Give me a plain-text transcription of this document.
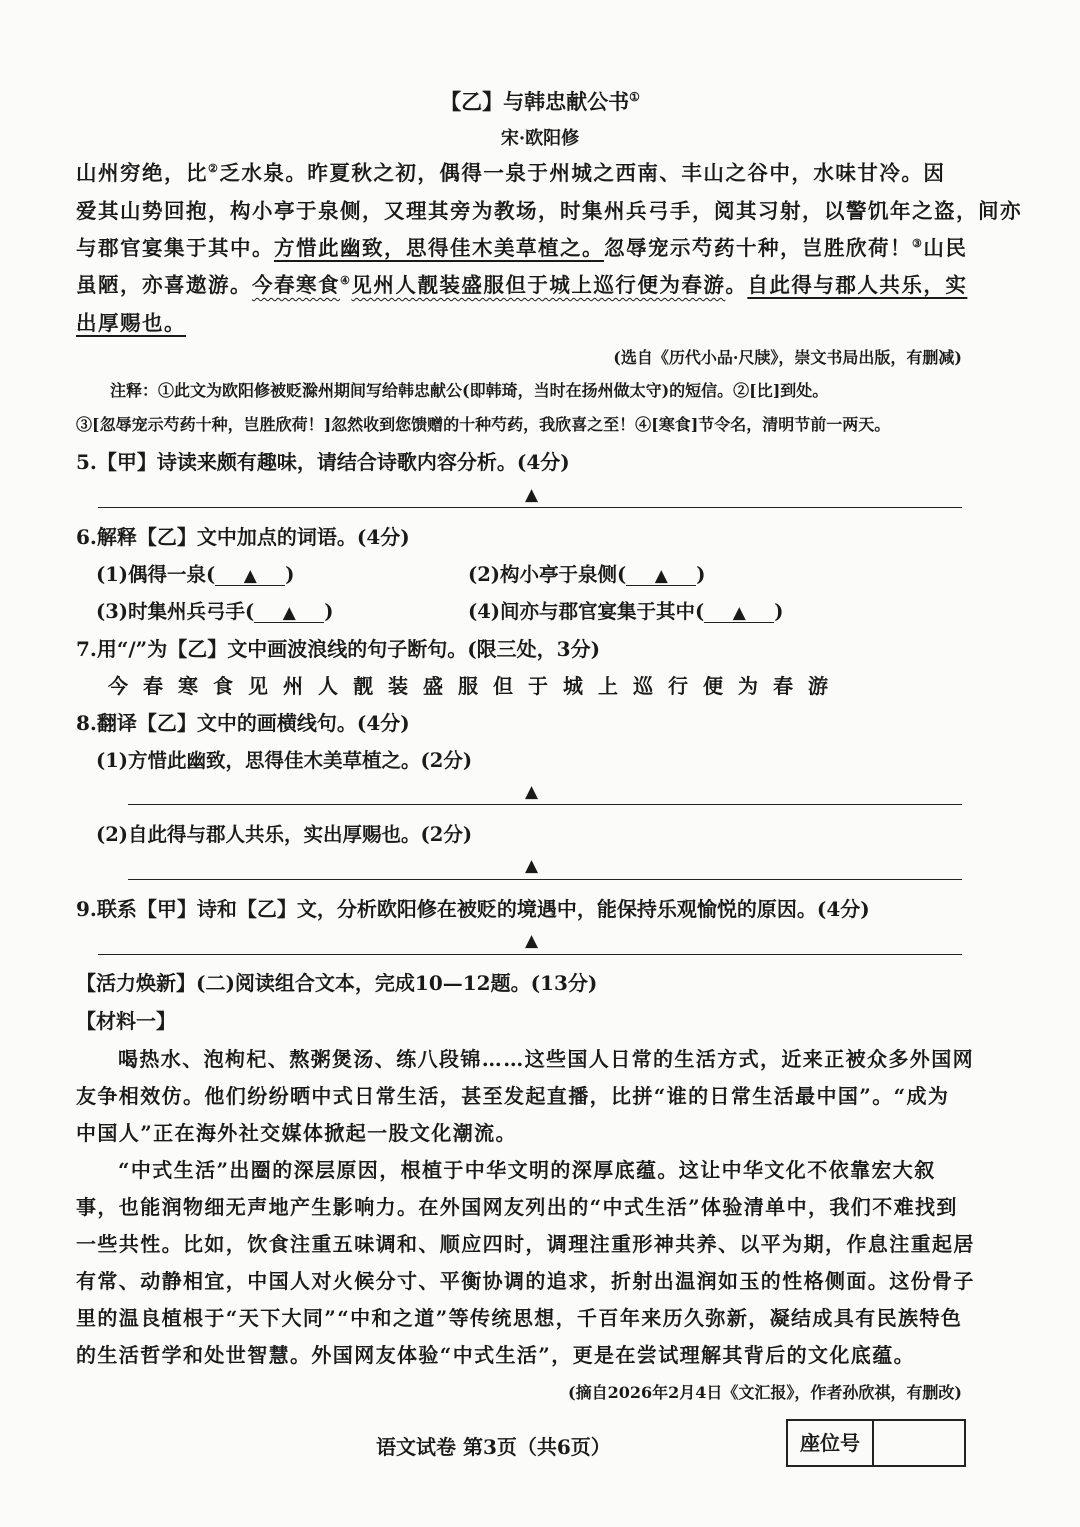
【乙】与韩忠献公书①
宋·欧阳修
山州穷绝，比②乏水泉。昨夏秋之初，偶得一泉于州城之西南、丰山之谷中，水味甘冷。因
爱其山势回抱，构小亭于泉侧，又理其旁为教场，时集州兵弓手，阅其习射，以警饥年之盗，间亦
与郡官宴集于其中。方惜此幽致，思得佳木美草植之。忽辱宠示芍药十种，岂胜欣荷！③山民
虽陋，亦喜遨游。今春寒食④见州人靓装盛服但于城上巡行便为春游。自此得与郡人共乐，实
出厚赐也。
(选自《历代小品·尺牍》，崇文书局出版，有删减)
注释：①此文为欧阳修被贬滁州期间写给韩忠献公(即韩琦，当时在扬州做太守)的短信。②[比]到处。
③[忽辱宠示芍药十种，岂胜欣荷！]忽然收到您馈赠的十种芍药，我欣喜之至！④[寒食]节令名，清明节前一两天。
5.【甲】诗读来颇有趣味，请结合诗歌内容分析。(4分)
▲
6.解释【乙】文中加点的词语。(4分)
(1)偶得一泉( ▲ )	(2)构小亭于泉侧( ▲ )
(3)时集州兵弓手( ▲ )	(4)间亦与郡官宴集于其中( ▲ )
7.用“/”为【乙】文中画波浪线的句子断句。(限三处，3分)
今春寒食见州人靓装盛服但于城上巡行便为春游
8.翻译【乙】文中的画横线句。(4分)
(1)方惜此幽致，思得佳木美草植之。(2分)
▲
(2)自此得与郡人共乐，实出厚赐也。(2分)
▲
9.联系【甲】诗和【乙】文，分析欧阳修在被贬的境遇中，能保持乐观愉悦的原因。(4分)
▲
【活力焕新】(二)阅读组合文本，完成10—12题。(13分)
【材料一】
喝热水、泡枸杞、熬粥煲汤、练八段锦……这些国人日常的生活方式，近来正被众多外国网
友争相效仿。他们纷纷晒中式日常生活，甚至发起直播，比拼“谁的日常生活最中国”。“成为
中国人”正在海外社交媒体掀起一股文化潮流。
“中式生活”出圈的深层原因，根植于中华文明的深厚底蕴。这让中华文化不依靠宏大叙
事，也能润物细无声地产生影响力。在外国网友列出的“中式生活”体验清单中，我们不难找到
一些共性。比如，饮食注重五味调和、顺应四时，调理注重形神共养、以平为期，作息注重起居
有常、动静相宜，中国人对火候分寸、平衡协调的追求，折射出温润如玉的性格侧面。这份骨子
里的温良植根于“天下大同”“中和之道”等传统思想，千百年来历久弥新，凝结成具有民族特色
的生活哲学和处世智慧。外国网友体验“中式生活”，更是在尝试理解其背后的文化底蕴。
(摘自2026年2月4日《文汇报》，作者孙欣祺，有删改)
语文试卷 第3页（共6页）	座位号
